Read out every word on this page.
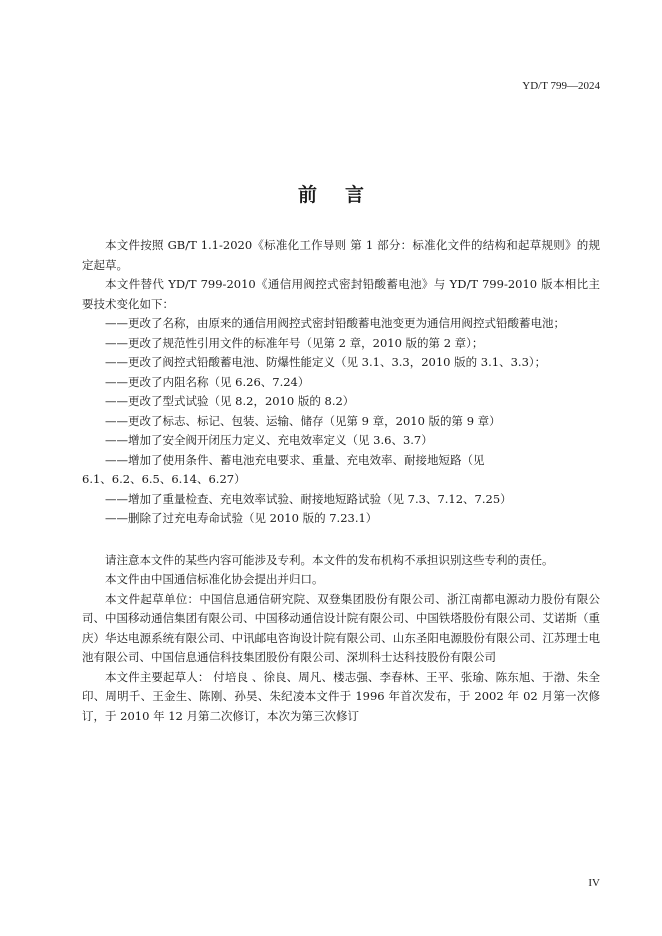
YD/T 799—2024
前言

本文件按照 GB/T 1.1-2020《标准化工作导则 第 1 部分：标准化文件的结构和起草规则》的规定起草。

本文件替代 YD/T 799-2010《通信用阀控式密封铅酸蓄电池》与 YD/T 799-2010 版本相比主要技术变化如下：

——更改了名称，由原来的通信用阀控式密封铅酸蓄电池变更为通信用阀控式铅酸蓄电池；

——更改了规范性引用文件的标准年号（见第 2 章，2010 版的第 2 章）；

——更改了阀控式铅酸蓄电池、防爆性能定义（见 3.1、3.3，2010 版的 3.1、3.3）；

——更改了内阻名称（见 6.26、7.24）

——更改了型式试验（见 8.2，2010 版的 8.2）

——更改了标志、标记、包装、运输、储存（见第 9 章，2010 版的第 9 章）

——增加了安全阀开闭压力定义、充电效率定义（见 3.6、3.7）

——增加了使用条件、蓄电池充电要求、重量、充电效率、耐接地短路（见
6.1、6.2、6.5、6.14、6.27）

——增加了重量检查、充电效率试验、耐接地短路试验（见 7.3、7.12、7.25）

——删除了过充电寿命试验（见 2010 版的 7.23.1）

请注意本文件的某些内容可能涉及专利。本文件的发布机构不承担识别这些专利的责任。

本文件由中国通信标准化协会提出并归口。

本文件起草单位：中国信息通信研究院、双登集团股份有限公司、浙江南都电源动力股份有限公司、中国移动通信集团有限公司、中国移动通信设计院有限公司、中国铁塔股份有限公司、艾诺斯（重庆）华达电源系统有限公司、中讯邮电咨询设计院有限公司、山东圣阳电源股份有限公司、江苏理士电池有限公司、中国信息通信科技集团股份有限公司、深圳科士达科技股份有限公司

本文件主要起草人： 付培良 、徐良、周凡、楼志强、李春林、王平、张瑜、陈东旭、于渤、朱全印、周明千、王金生、陈刚、孙昊、朱纪凌本文件于 1996 年首次发布，于 2002 年 02 月第一次修订，于 2010 年 12 月第二次修订，本次为第三次修订

IV
